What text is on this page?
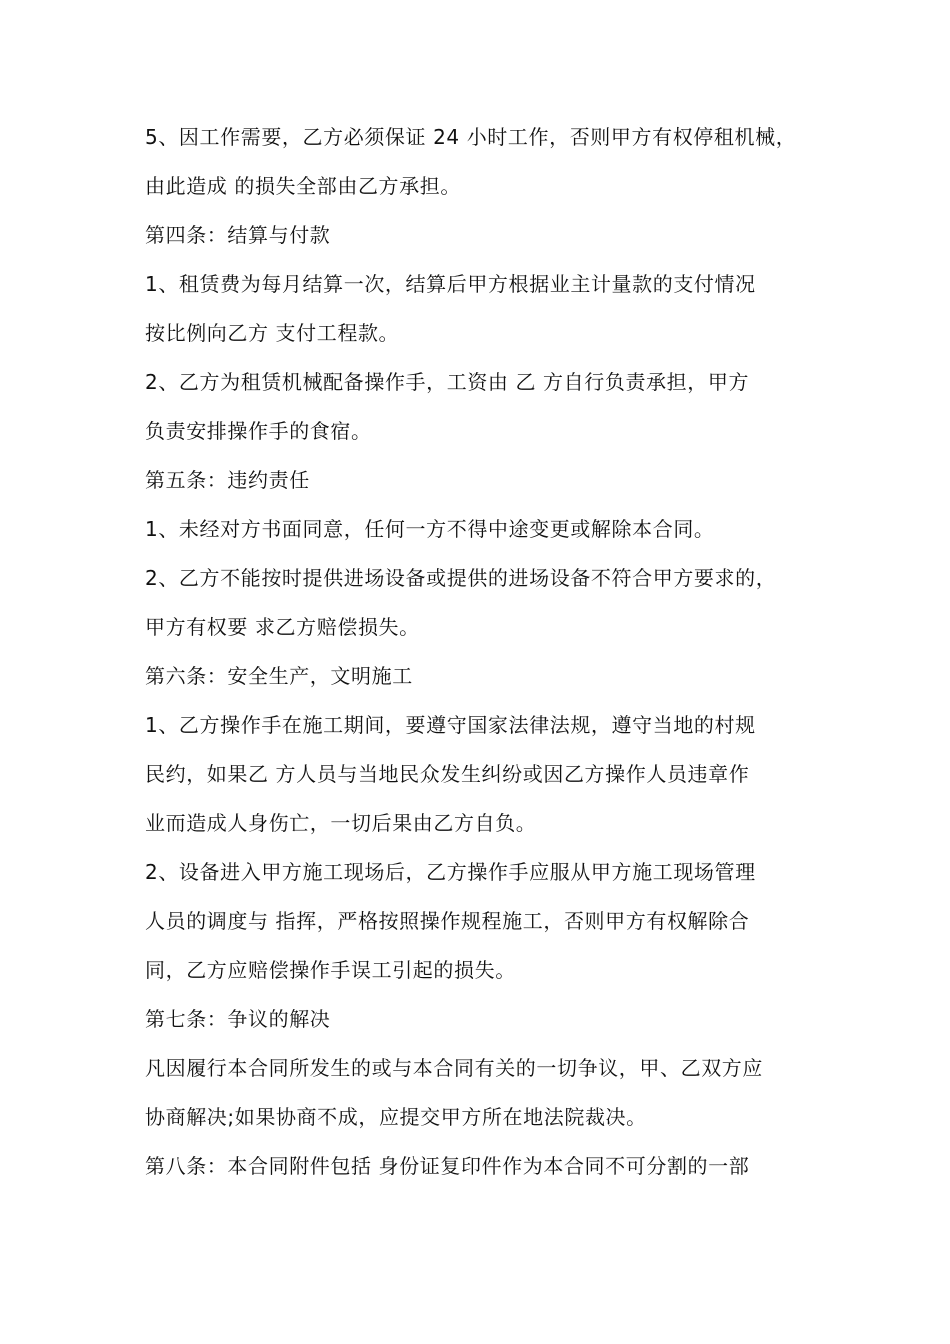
5、因工作需要，乙方必须保证 24 小时工作，否则甲方有权停租机械，
由此造成 的损失全部由乙方承担。
第四条：结算与付款
1、租赁费为每月结算一次，结算后甲方根据业主计量款的支付情况
按比例向乙方 支付工程款。
2、乙方为租赁机械配备操作手，工资由 乙 方自行负责承担，甲方
负责安排操作手的食宿。
第五条：违约责任
1、未经对方书面同意，任何一方不得中途变更或解除本合同。
2、乙方不能按时提供进场设备或提供的进场设备不符合甲方要求的，
甲方有权要 求乙方赔偿损失。
第六条：安全生产，文明施工
1、乙方操作手在施工期间，要遵守国家法律法规，遵守当地的村规
民约，如果乙 方人员与当地民众发生纠纷或因乙方操作人员违章作
业而造成人身伤亡，一切后果由乙方自负。
2、设备进入甲方施工现场后，乙方操作手应服从甲方施工现场管理
人员的调度与 指挥，严格按照操作规程施工，否则甲方有权解除合
同，乙方应赔偿操作手误工引起的损失。
第七条：争议的解决
凡因履行本合同所发生的或与本合同有关的一切争议，甲、乙双方应
协商解决;如果协商不成，应提交甲方所在地法院裁决。
第八条：本合同附件包括 身份证复印件作为本合同不可分割的一部
